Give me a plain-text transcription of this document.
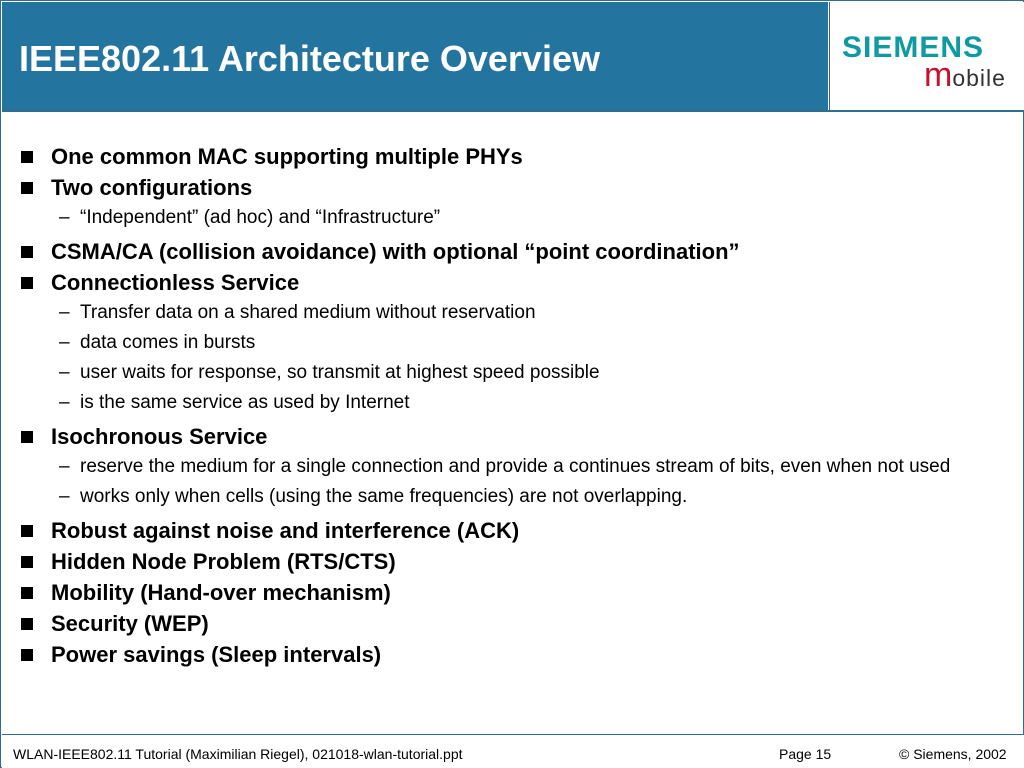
IEEE802.11 Architecture Overview	SIEMENS
mobile
One common MAC supporting multiple PHYs
Two configurations
– “Independent” (ad hoc) and “Infrastructure”
CSMA/CA (collision avoidance) with optional “point coordination”
Connectionless Service
– Transfer data on a shared medium without reservation
– data comes in bursts
– user waits for response, so transmit at highest speed possible
– is the same service as used by Internet
Isochronous Service
– reserve the medium for a single connection and provide a continues stream of bits, even when not used
– works only when cells (using the same frequencies) are not overlapping.
Robust against noise and interference (ACK)
Hidden Node Problem (RTS/CTS)
Mobility (Hand-over mechanism)
Security (WEP)
Power savings (Sleep intervals)
WLAN-IEEE802.11 Tutorial (Maximilian Riegel), 021018-wlan-tutorial.ppt	Page 15	© Siemens, 2002
